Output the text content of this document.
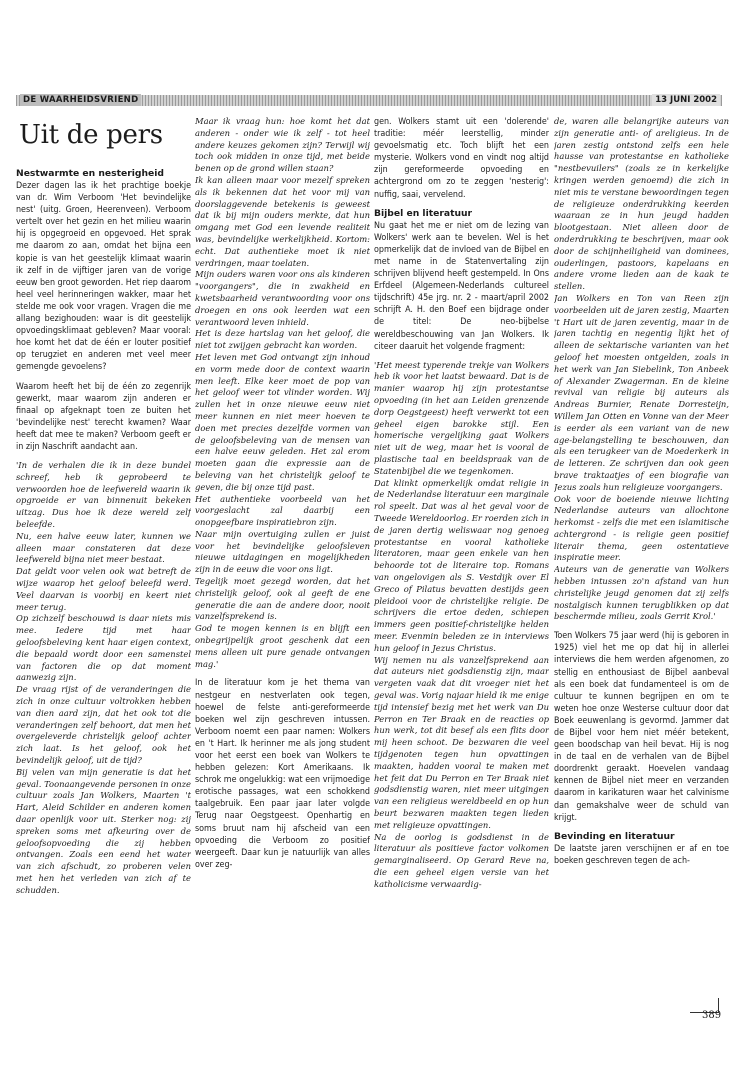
DE WAARHEIDSVRIEND	13 JUNI 2002
Uit de pers
Nestwarmte en nesterigheid

Dezer dagen las ik het prachtige boekje van dr. Wim Verboom 'Het bevindelijke nest' (uitg. Groen, Heerenveen). Verboom vertelt over het gezin en het milieu waarin hij is opgegroeid en opgevoed. Het sprak me daarom zo aan, omdat het bijna een kopie is van het geestelijk klimaat waarin ik zelf in de vijftiger jaren van de vorige eeuw ben groot geworden. Het riep daarom heel veel herinneringen wakker, maar het stelde me ook voor vragen. Vragen die me allang bezighouden: waar is dit geestelijk opvoedingsklimaat gebleven? Maar vooral: hoe komt het dat de één er louter positief op terugziet en anderen met veel meer gemengde gevoelens?

Waarom heeft het bij de één zo zegenrijk gewerkt, maar waarom zijn anderen er finaal op afgeknapt toen ze buiten het 'bevindelijke nest' terecht kwamen? Waar heeft dat mee te maken? Verboom geeft er in zijn Naschrift aandacht aan.

'In de verhalen die ik in deze bundel schreef, heb ik geprobeerd te verwoorden hoe de leefwereld waarin ik opgroeide er van binnenuit bekeken uitzag. Dus hoe ik deze wereld zelf beleefde.
Nu, een halve eeuw later, kunnen we alleen maar constateren dat deze leefwereld bijna niet meer bestaat.
Dat geldt voor velen ook wat betreft de wijze waarop het geloof beleefd werd. Veel daarvan is voorbij en keert niet meer terug.
Op zichzelf beschouwd is daar niets mis mee. Iedere tijd met haar geloofsbeleving kent haar eigen context, die bepaald wordt door een samenstel van factoren die op dat moment aanwezig zijn.
De vraag rijst of de veranderingen die zich in onze cultuur voltrokken hebben van dien aard zijn, dat het ook tot die veranderingen zelf behoort, dat men het overgeleverde christelijk geloof achter zich laat. Is het geloof, ook het bevindelijk geloof, uit de tijd?
Bij velen van mijn generatie is dat het geval. Toonaangevende personen in onze cultuur zoals Jan Wolkers, Maarten 't Hart, Aleid Schilder en anderen komen daar openlijk voor uit. Sterker nog: zij spreken soms met afkeuring over de geloofsopvoeding die zij hebben ontvangen. Zoals een eend het water van zich afschudt, zo proberen velen met hen het verleden van zich af te schudden.

Maar ik vraag hun: hoe komt het dat anderen - onder wie ik zelf - tot heel andere keuzes gekomen zijn? Terwijl wij toch ook midden in onze tijd, met beide benen op de grond willen staan?
Ik kan alleen maar voor mezelf spreken als ik bekennen dat het voor mij van doorslaggevende betekenis is geweest dat ik bij mijn ouders merkte, dat hun omgang met God een levende realiteit was, bevindelijke werkelijkheid. Kortom: echt. Dat authentieke moet ik niet verdringen, maar toelaten.
Mijn ouders waren voor ons als kinderen "voorgangers", die in zwakheid en kwetsbaarheid verantwoording voor ons droegen en ons ook leerden wat een verantwoord leven inhield.
Het is deze hartslag van het geloof, die niet tot zwijgen gebracht kan worden.
Het leven met God ontvangt zijn inhoud en vorm mede door de context waarin men leeft. Elke keer moet de pop van het geloof weer tot vlinder worden. Wij zullen het in onze nieuwe eeuw niet meer kunnen en niet meer hoeven te doen met precies dezelfde vormen van de geloofsbeleving van de mensen van een halve eeuw geleden. Het zal erom moeten gaan die expressie aan de beleving van het christelijk geloof te geven, die bij onze tijd past.
Het authentieke voorbeeld van het voorgeslacht zal daarbij een onopgeefbare inspiratiebron zijn.
Naar mijn overtuiging zullen er juist voor het bevindelijke geloofsleven nieuwe uitdagingen en mogelijkheden zijn in de eeuw die voor ons ligt.
Tegelijk moet gezegd worden, dat het christelijk geloof, ook al geeft de ene generatie die aan de andere door, nooit vanzelfsprekend is.
God te mogen kennen is en blijft een onbegrijpelijk groot geschenk dat een mens alleen uit pure genade ontvangen mag.'

In de literatuur kom je het thema van nestgeur en nestverlaten ook tegen, hoewel de felste anti-gereformeerde boeken wel zijn geschreven intussen. Verboom noemt een paar namen: Wolkers en 't Hart. Ik herinner me als jong student voor het eerst een boek van Wolkers te hebben gelezen: Kort Amerikaans. Ik schrok me ongelukkig: wat een vrijmoedige erotische passages, wat een schokkend taalgebruik. Een paar jaar later volgde Terug naar Oegstgeest. Openhartig en soms bruut nam hij afscheid van een opvoeding die Verboom zo positief weergeeft. Daar kun je natuurlijk van alles over zeg-

gen. Wolkers stamt uit een 'dolerende' traditie: méér leerstellig, minder gevoelsmatig etc. Toch blijft het een mysterie. Wolkers vond en vindt nog altijd zijn gereformeerde opvoeding en achtergrond om zo te zeggen 'nesterig': nuffig, saai, vervelend.

Bijbel en literatuur

Nu gaat het me er niet om de lezing van Wolkers' werk aan te bevelen. Wel is het opmerkelijk dat de invloed van de Bijbel en met name in de Statenvertaling zijn schrijven blijvend heeft gestempeld. In Ons Erfdeel (Algemeen-Nederlands cultureel tijdschrift) 45e jrg. nr. 2 - maart/april 2002 schrijft A. H. den Boef een bijdrage onder de titel: De neo-bijbelse wereldbeschouwing van Jan Wolkers. Ik citeer daaruit het volgende fragment:

'Het meest typerende trekje van Wolkers heb ik voor het laatst bewaard. Dat is de manier waarop hij zijn protestantse opvoeding (in het aan Leiden grenzende dorp Oegstgeest) heeft verwerkt tot een geheel eigen barokke stijl. Een homerische vergelijking gaat Wolkers niet uit de weg, maar het is vooral de plastische taal en beeldspraak van de Statenbijbel die we tegenkomen.
Dat klinkt opmerkelijk omdat religie in de Nederlandse literatuur een marginale rol speelt. Dat was al het geval voor de Tweede Wereldoorlog. Er roerden zich in de jaren dertig weliswaar nog genoeg protestantse en vooral katholieke literatoren, maar geen enkele van hen behoorde tot de literaire top. Romans van ongelovigen als S. Vestdijk over El Greco of Pilatus bevatten destijds geen pleidooi voor de christelijke religie. De schrijvers die ertoe deden, schiepen immers geen positief-christelijke helden meer. Evenmin beleden ze in interviews hun geloof in Jezus Christus.
Wij nemen nu als vanzelfsprekend aan dat auteurs niet godsdienstig zijn, maar vergeten vaak dat dit vroeger niet het geval was. Vorig najaar hield ik me enige tijd intensief bezig met het werk van Du Perron en Ter Braak en de reacties op hun werk, tot dit besef als een flits door mij heen schoot. De bezwaren die veel tijdgenoten tegen hun opvattingen maakten, hadden vooral te maken met het feit dat Du Perron en Ter Braak niet godsdienstig waren, niet meer uitgingen van een religieus wereldbeeld en op hun beurt bezwaren maakten tegen lieden met religieuze opvattingen.
Na de oorlog is godsdienst in de literatuur als positieve factor volkomen gemarginaliseerd. Op Gerard Reve na, die een geheel eigen versie van het katholicisme verwaardig-

de, waren alle belangrijke auteurs van zijn generatie anti- of areligieus. In de jaren zestig ontstond zelfs een hele hausse van protestantse en katholieke "nestbevuilers" (zoals ze in kerkelijke kringen werden genoemd) die zich in niet mis te verstane bewoordingen tegen de religieuze onderdrukking keerden waaraan ze in hun jeugd hadden blootgestaan. Niet alleen door de onderdrukking te beschrijven, maar ook door de schijnheiligheid van dominees, ouderlingen, pastoors, kapelaans en andere vrome lieden aan de kaak te stellen.
Jan Wolkers en Ton van Reen zijn voorbeelden uit de jaren zestig, Maarten 't Hart uit de jaren zeventig, maar in de jaren tachtig en negentig lijkt het of alleen de sektarische varianten van het geloof het moesten ontgelden, zoals in het werk van Jan Siebelink, Ton Anbeek of Alexander Zwagerman. En de kleine revival van religie bij auteurs als Andreas Burnier, Renate Dorresteijn, Willem Jan Otten en Vonne van der Meer is eerder als een variant van de new age-belangstelling te beschouwen, dan als een terugkeer van de Moederkerk in de letteren. Ze schrijven dan ook geen brave traktaatjes of een biografie van Jezus zoals hun religieuze voorgangers.
Ook voor de boeiende nieuwe lichting Nederlandse auteurs van allochtone herkomst - zelfs die met een islamitische achtergrond - is religie geen positief literair thema, geen ostentatieve inspiratie meer.
Auteurs van de generatie van Wolkers hebben intussen zo'n afstand van hun christelijke jeugd genomen dat zij zelfs nostalgisch kunnen terugblikken op dat beschermde milieu, zoals Gerrit Krol.'

Toen Wolkers 75 jaar werd (hij is geboren in 1925) viel het me op dat hij in allerlei interviews die hem werden afgenomen, zo stellig en enthousiast de Bijbel aanbeval als een boek dat fundamenteel is om de cultuur te kunnen begrijpen en om te weten hoe onze Westerse cultuur door dat Boek eeuwenlang is gevormd. Jammer dat de Bijbel voor hem niet méér betekent, geen boodschap van heil bevat. Hij is nog in de taal en de verhalen van de Bijbel doordrenkt geraakt. Hoevelen vandaag kennen de Bijbel niet meer en verzanden daarom in karikaturen waar het calvinisme dan gemakshalve weer de schuld van krijgt.

Bevinding en literatuur

De laatste jaren verschijnen er af en toe boeken geschreven tegen de ach-

389
